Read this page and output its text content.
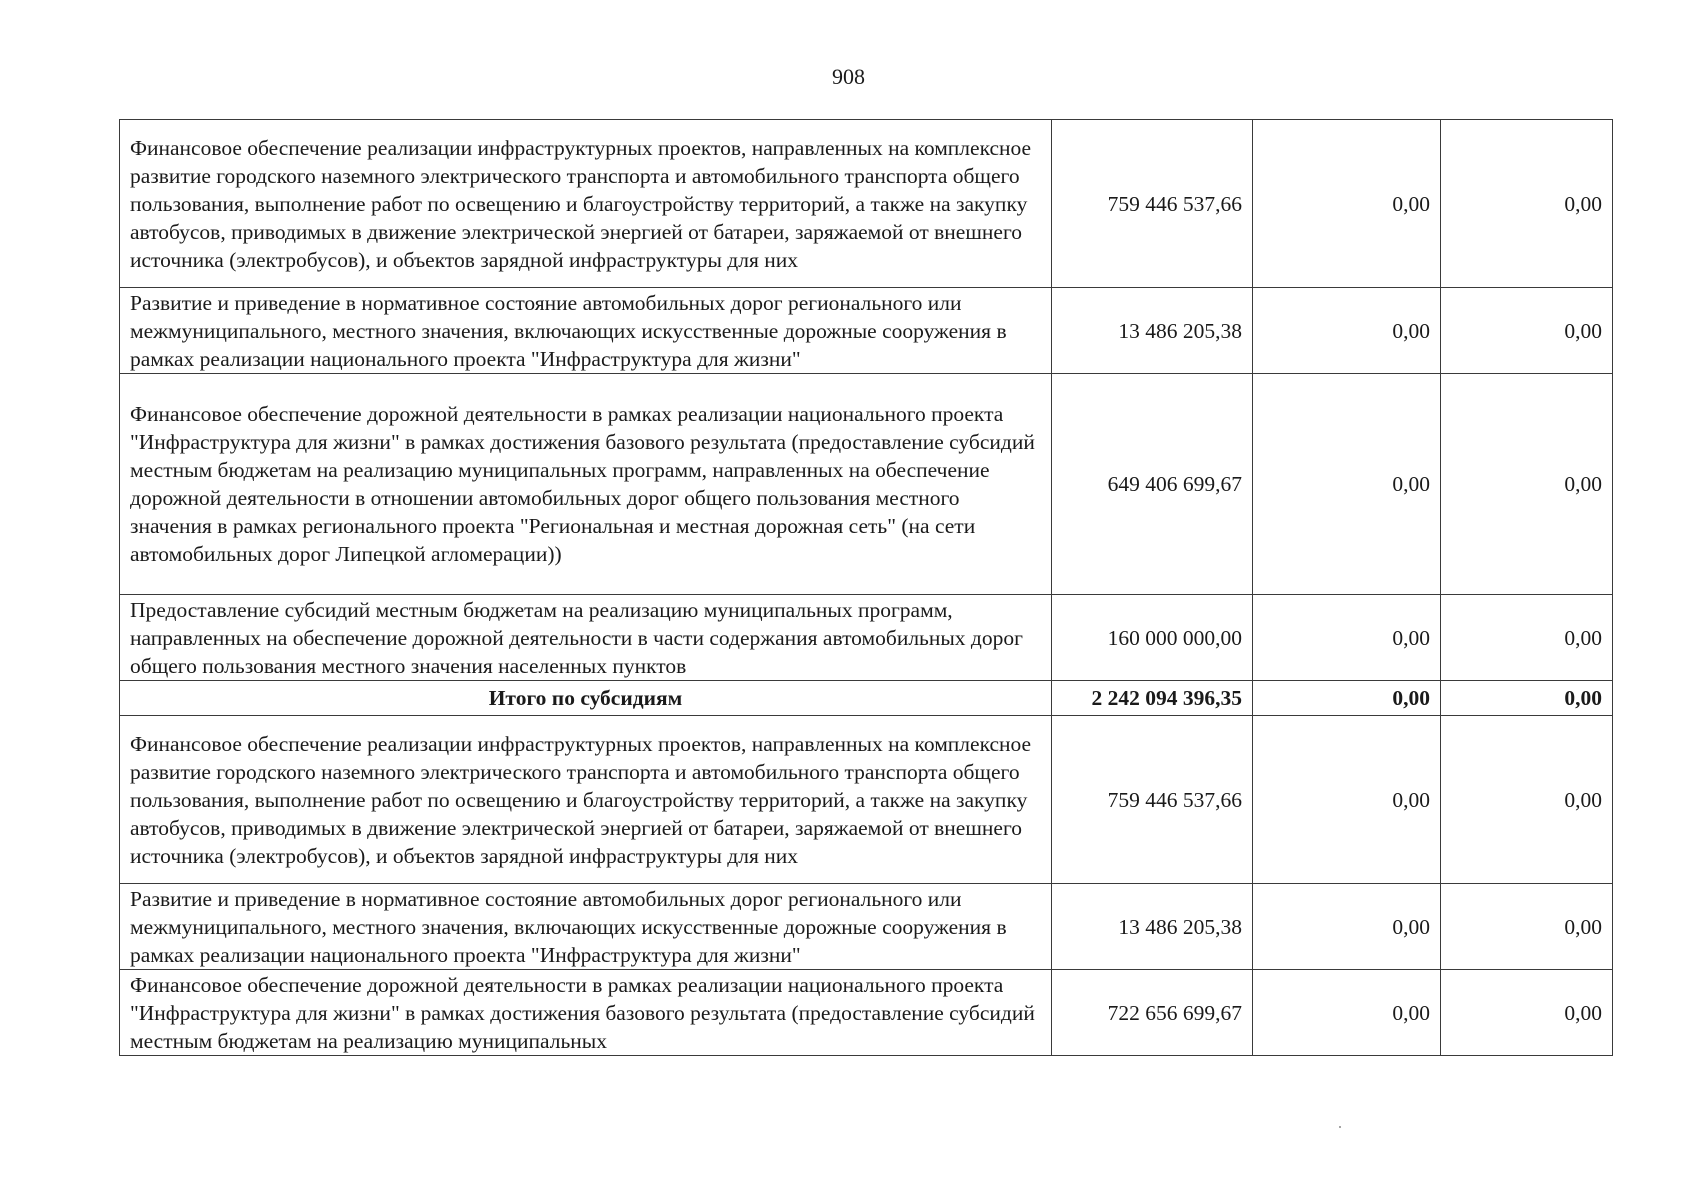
908
Финансовое обеспечение реализации инфраструктурных проектов, направленных на комплексное развитие городского наземного электрического транспорта и автомобильного транспорта общего пользования, выполнение работ по освещению и благоустройству территорий, а также на закупку автобусов, приводимых в движение электрической энергией от батареи, заряжаемой от внешнего источника (электробусов), и объектов зарядной инфраструктуры для них	759 446 537,66	0,00	0,00
Развитие и приведение в нормативное состояние автомобильных дорог регионального или межмуниципального, местного значения, включающих искусственные дорожные сооружения в рамках реализации национального проекта "Инфраструктура для жизни"	13 486 205,38	0,00	0,00
Финансовое обеспечение дорожной деятельности в рамках реализации национального проекта "Инфраструктура для жизни" в рамках достижения базового результата (предоставление субсидий местным бюджетам на реализацию муниципальных программ, направленных на обеспечение дорожной деятельности в отношении автомобильных дорог общего пользования местного значения в рамках регионального проекта "Региональная и местная дорожная сеть" (на сети автомобильных дорог Липецкой агломерации))	649 406 699,67	0,00	0,00
Предоставление субсидий местным бюджетам на реализацию муниципальных программ, направленных на обеспечение дорожной деятельности в части содержания автомобильных дорог общего пользования местного значения населенных пунктов	160 000 000,00	0,00	0,00
Итого по субсидиям	2 242 094 396,35	0,00	0,00
Финансовое обеспечение реализации инфраструктурных проектов, направленных на комплексное развитие городского наземного электрического транспорта и автомобильного транспорта общего пользования, выполнение работ по освещению и благоустройству территорий, а также на закупку автобусов, приводимых в движение электрической энергией от батареи, заряжаемой от внешнего источника (электробусов), и объектов зарядной инфраструктуры для них	759 446 537,66	0,00	0,00
Развитие и приведение в нормативное состояние автомобильных дорог регионального или межмуниципального, местного значения, включающих искусственные дорожные сооружения в рамках реализации национального проекта "Инфраструктура для жизни"	13 486 205,38	0,00	0,00
Финансовое обеспечение дорожной деятельности в рамках реализации национального проекта "Инфраструктура для жизни" в рамках достижения базового результата (предоставление субсидий местным бюджетам на реализацию муниципальных	722 656 699,67	0,00	0,00
